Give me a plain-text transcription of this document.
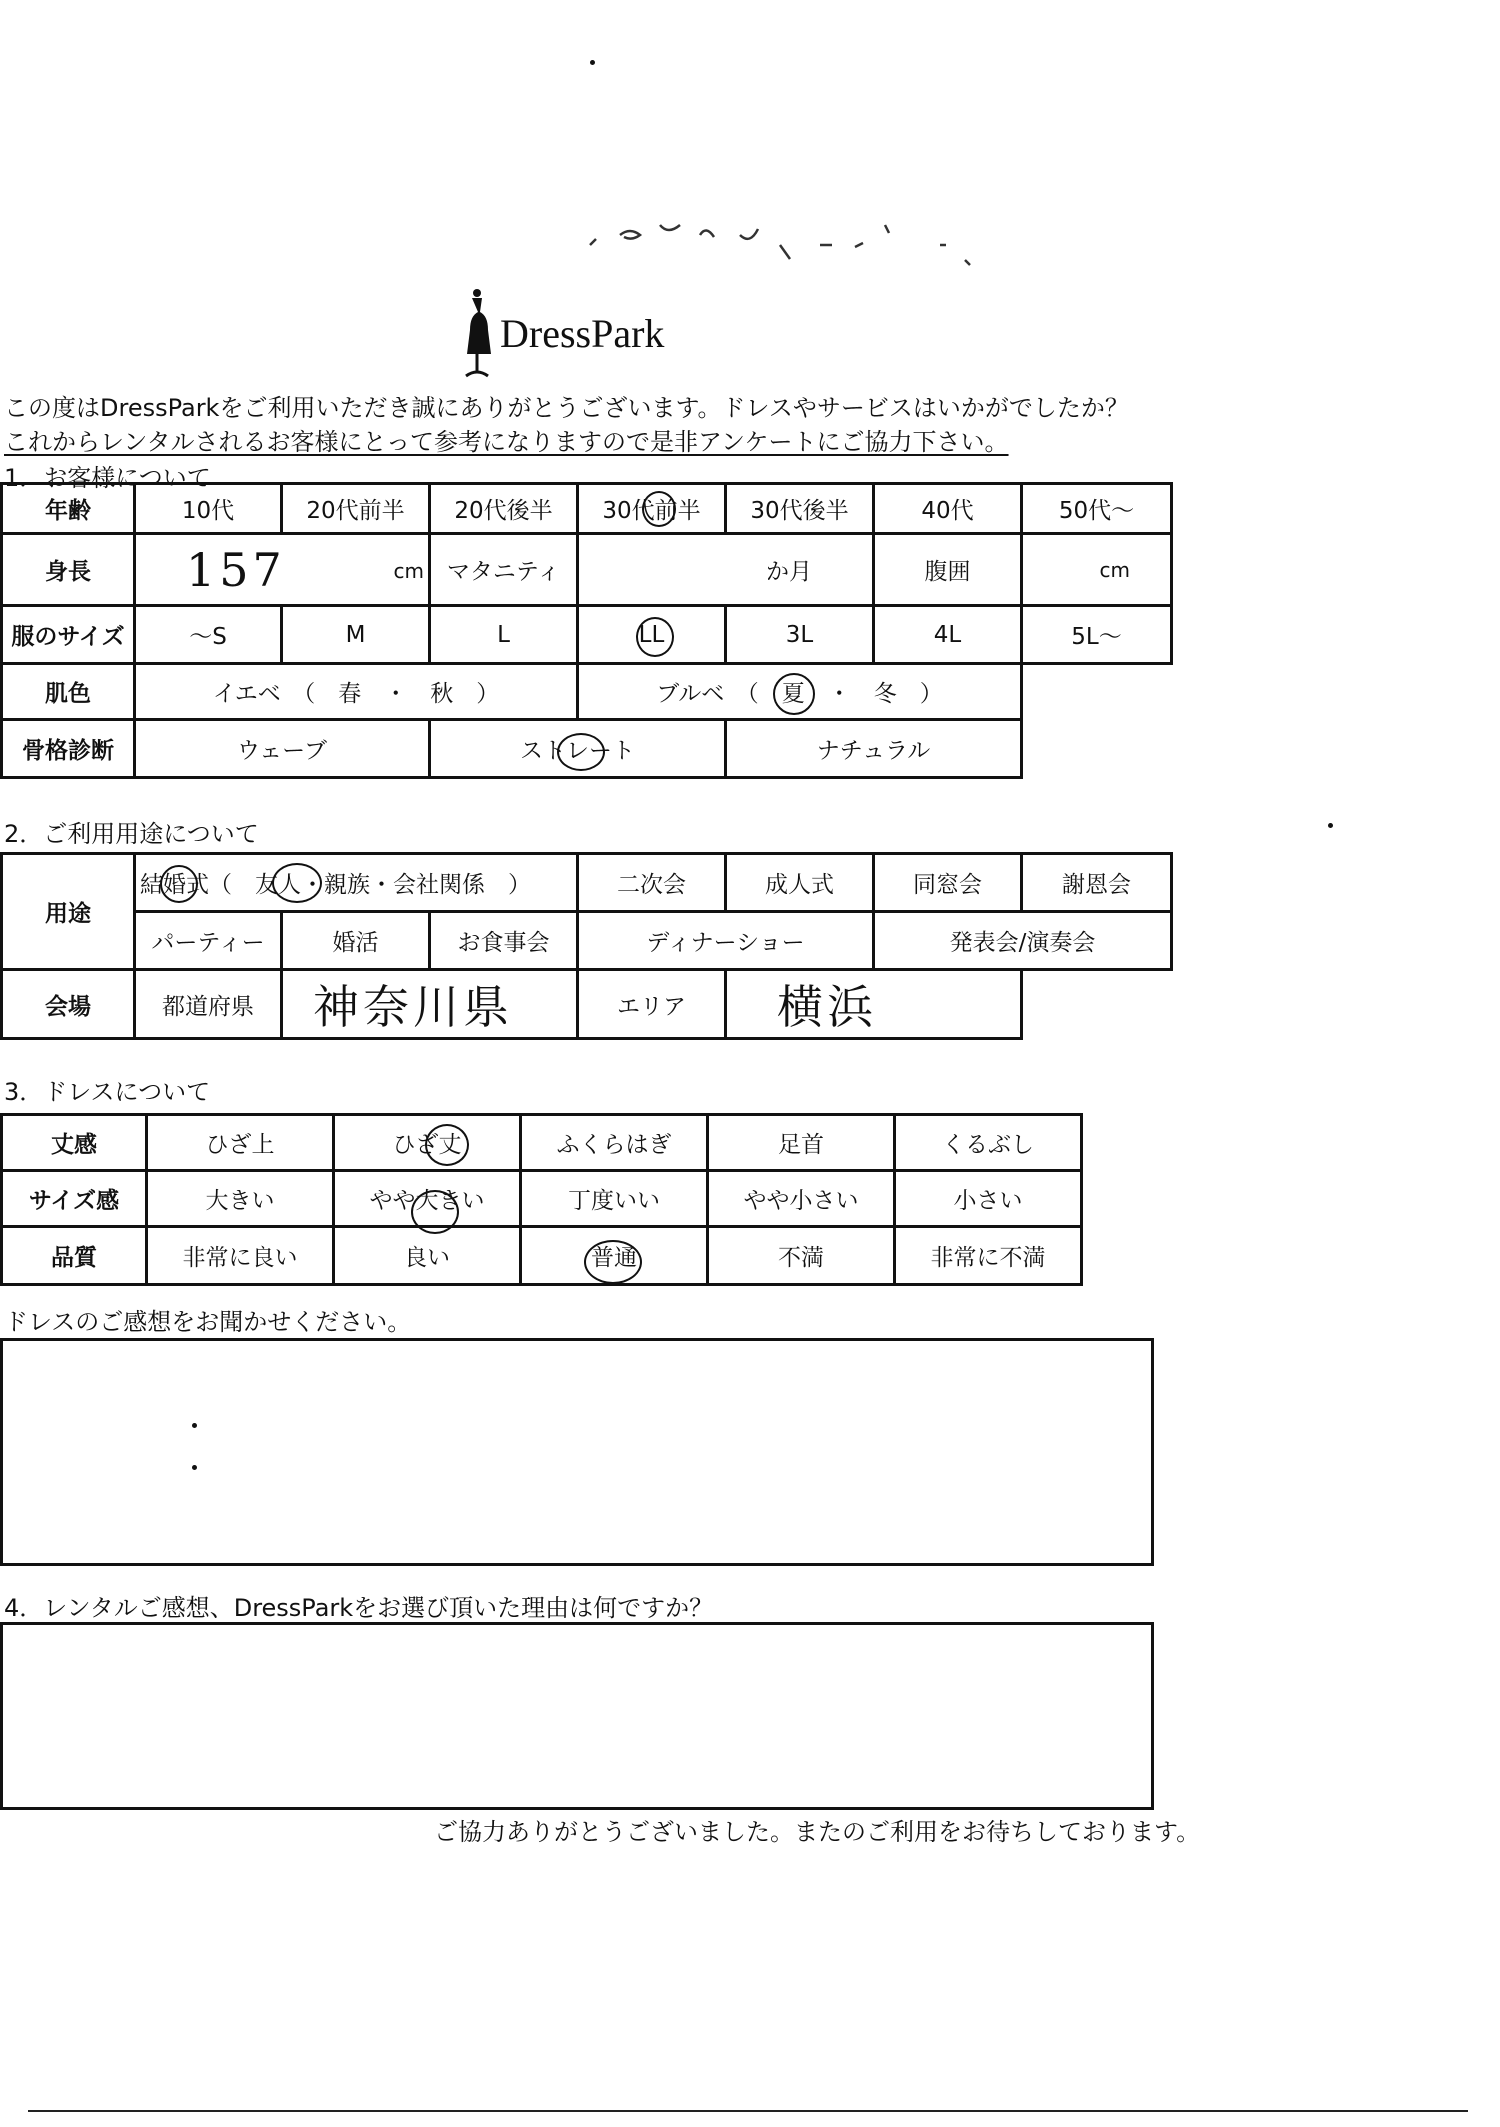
DressPark
この度はDressParkをご利用いただき誠にありがとうございます。ドレスやサービスはいかがでしたか？
これからレンタルされるお客様にとって参考になりますので是非アンケートにご協力下さい。
1．お客様について
年齢	10代	20代前半	20代後半	30代前半	30代後半	40代	50代～
身長	157 cm		マタニティ	か月		腹囲	cm
服のサイズ	～S	M	L	LL	3L	4L	5L～
肌色	イエベ　（　春　・　秋　）			ブルベ　（　夏　・　冬　）		

骨格診断	ウェーブ		ストレート		ナチュラル		
2．ご利用用途について
用途	結婚式（　友人・親族・会社関係　）			二次会	成人式	同窓会	謝恩会
	パーティー	婚活	お食事会	ディナーショー		発表会/演奏会	
会場	都道府県	神奈川県		エリア	横浜		
3．ドレスについて
丈感	ひざ上	ひざ丈	ふくらはぎ	足首	くるぶし
サイズ感	大きい	やや大きい	丁度いい	やや小さい	小さい
品質	非常に良い	良い	普通	不満	非常に不満
ドレスのご感想をお聞かせください。
4．レンタルご感想、DressParkをお選び頂いた理由は何ですか？
ご協力ありがとうございました。またのご利用をお待ちしております。
